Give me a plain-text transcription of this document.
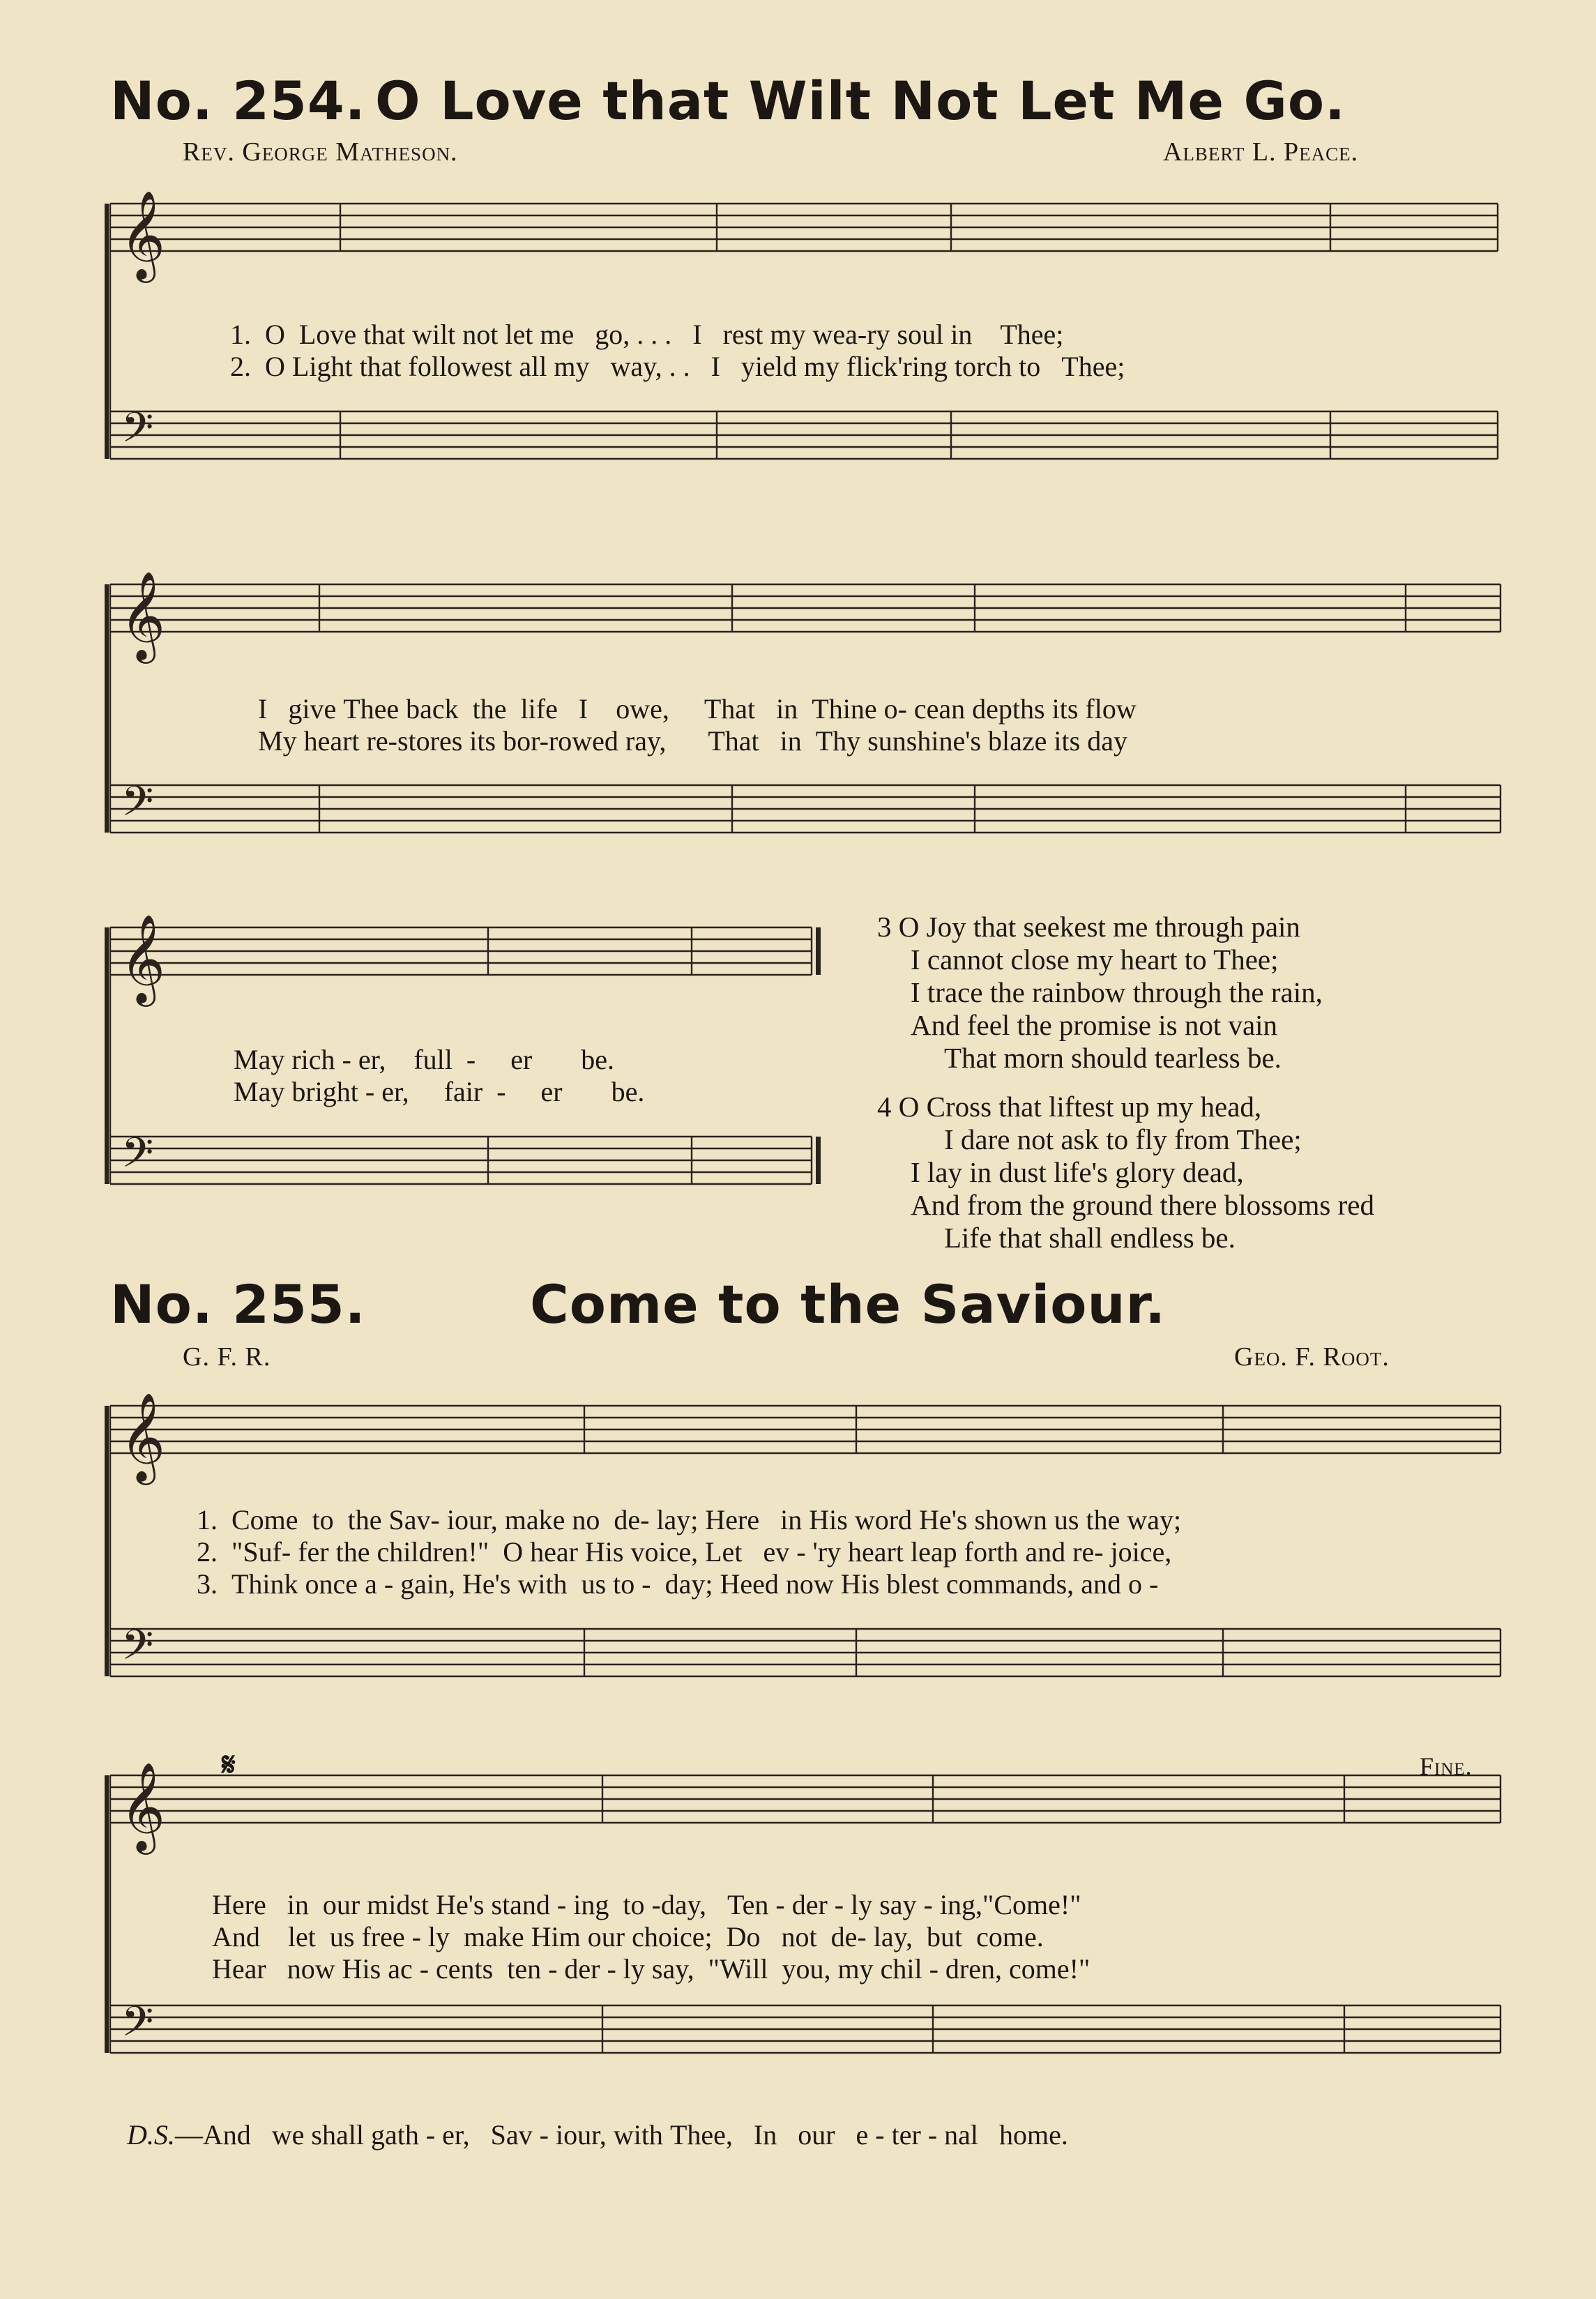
No. 254. O Love that Wilt Not Let Me Go.
Rev. George Matheson.	Albert L. Peace.
𝄞
𝄢
1. O Love that wilt not let me go, . . . I rest my wea-ry soul in Thee;
2. O Light that followest all my way, . . I yield my flick'ring torch to Thee;
𝄞
𝄢
I give Thee back the life I owe, That in Thine o- cean depths its flow
My heart re-stores its bor-rowed ray, That in Thy sunshine's blaze its day
𝄞
𝄢
May rich - er, full - er be.
May bright - er, fair - er be.
3 O Joy that seekest me through pain
I cannot close my heart to Thee;
I trace the rainbow through the rain,
And feel the promise is not vain
That morn should tearless be.
4 O Cross that liftest up my head,
I dare not ask to fly from Thee;
I lay in dust life's glory dead,
And from the ground there blossoms red
Life that shall endless be.
No. 255.	Come to the Saviour.
G. F. R.	Geo. F. Root.
𝄞
𝄢
1. Come to the Sav- iour, make no de- lay; Here in His word He's shown us the way;
2. "Suf- fer the children!" O hear His voice, Let ev - 'ry heart leap forth and re- joice,
3. Think once a - gain, He's with us to - day; Heed now His blest commands, and o -
𝄋	Fine.
𝄞
𝄢
Here in our midst He's stand - ing to -day, Ten - der - ly say - ing,"Come!"
And let us free - ly make Him our choice; Do not de- lay, but come.
Hear now His ac - cents ten - der - ly say, "Will you, my chil - dren, come!"
D.S.—And we shall gath - er, Sav - iour, with Thee, In our e - ter - nal home.
